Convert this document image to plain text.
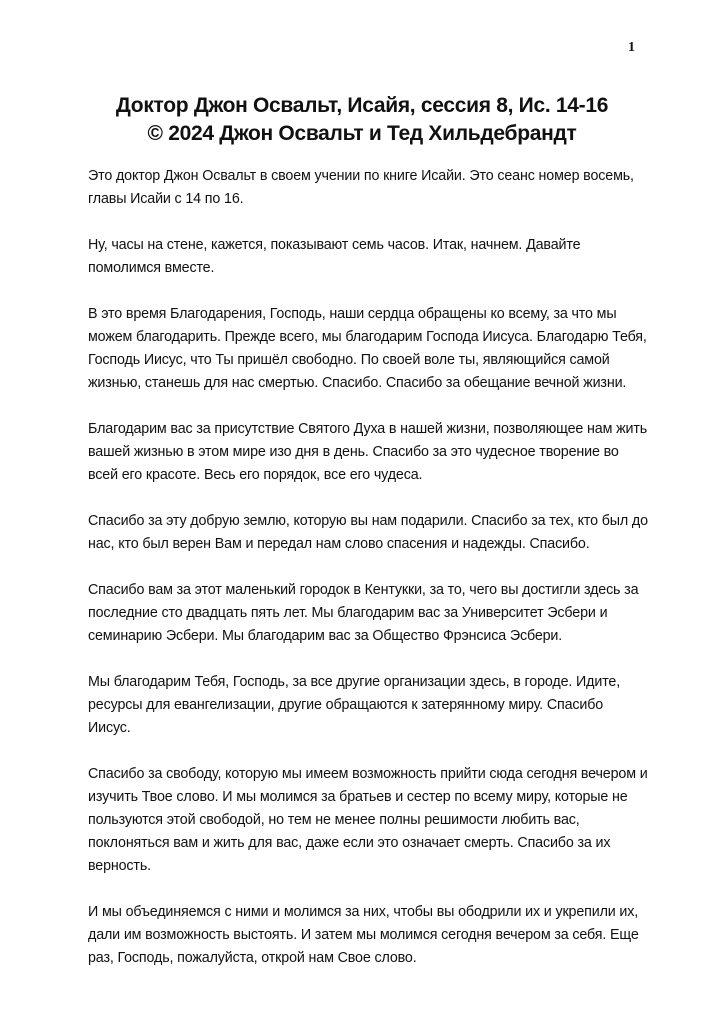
1
Доктор Джон Освальт, Исайя, сессия 8, Ис. 14-16
© 2024 Джон Освальт и Тед Хильдебрандт

Это доктор Джон Освальт в своем учении по книге Исайи. Это сеанс номер восемь, главы Исайи с 14 по 16.

Ну, часы на стене, кажется, показывают семь часов. Итак, начнем. Давайте помолимся вместе.

В это время Благодарения, Господь, наши сердца обращены ко всему, за что мы можем благодарить. Прежде всего, мы благодарим Господа Иисуса. Благодарю Тебя, Господь Иисус, что Ты пришёл свободно. По своей воле ты, являющийся самой жизнью, станешь для нас смертью. Спасибо. Спасибо за обещание вечной жизни.

Благодарим вас за присутствие Святого Духа в нашей жизни, позволяющее нам жить вашей жизнью в этом мире изо дня в день. Спасибо за это чудесное творение во всей его красоте. Весь его порядок, все его чудеса.

Спасибо за эту добрую землю, которую вы нам подарили. Спасибо за тех, кто был до нас, кто был верен Вам и передал нам слово спасения и надежды. Спасибо.

Спасибо вам за этот маленький городок в Кентукки, за то, чего вы достигли здесь за последние сто двадцать пять лет. Мы благодарим вас за Университет Эсбери и семинарию Эсбери. Мы благодарим вас за Общество Фрэнсиса Эсбери.

Мы благодарим Тебя, Господь, за все другие организации здесь, в городе. Идите, ресурсы для евангелизации, другие обращаются к затерянному миру. Спасибо Иисус.

Спасибо за свободу, которую мы имеем возможность прийти сюда сегодня вечером и изучить Твое слово. И мы молимся за братьев и сестер по всему миру, которые не пользуются этой свободой, но тем не менее полны решимости любить вас, поклоняться вам и жить для вас, даже если это означает смерть. Спасибо за их верность.

И мы объединяемся с ними и молимся за них, чтобы вы ободрили их и укрепили их, дали им возможность выстоять. И затем мы молимся сегодня вечером за себя. Еще раз, Господь, пожалуйста, открой нам Свое слово.
